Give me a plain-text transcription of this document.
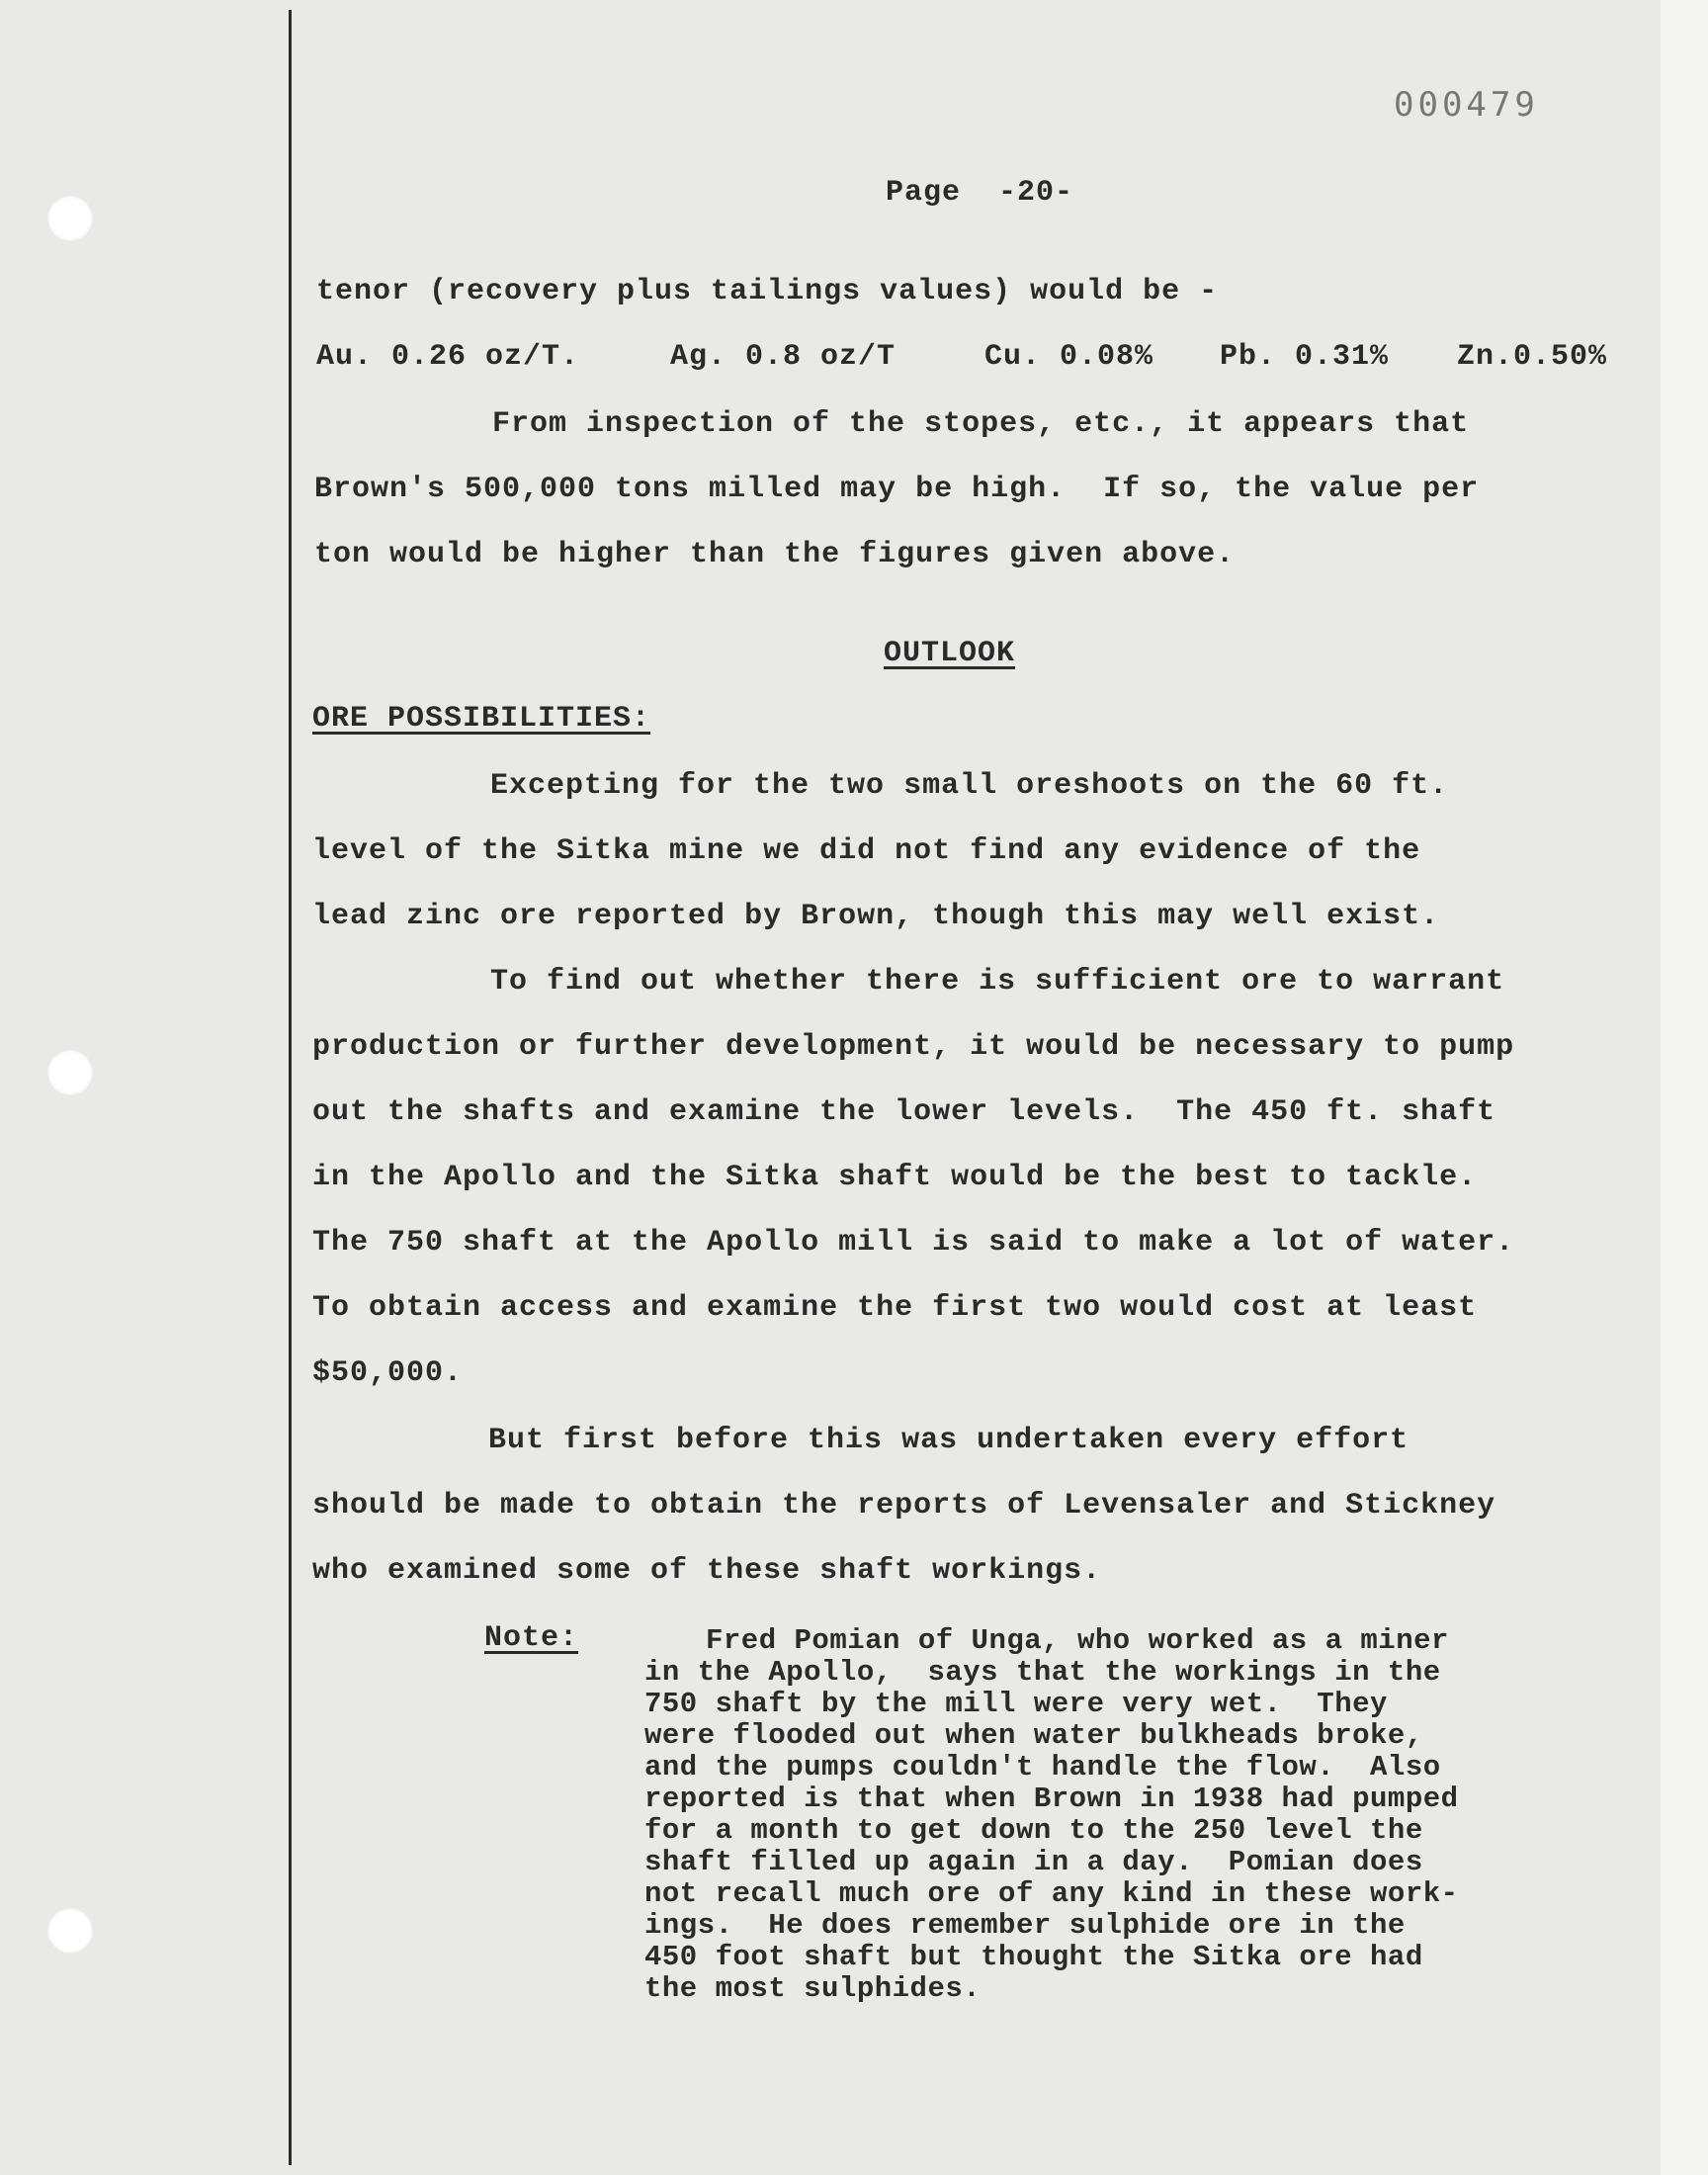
000479
Page  -20-
tenor (recovery plus tailings values) would be -
Au. 0.26 oz/T.	Ag. 0.8 oz/T	Cu. 0.08% Pb. 0.31% Zn.0.50%
From inspection of the stopes, etc., it appears that
Brown's 500,000 tons milled may be high.  If so, the value per
ton would be higher than the figures given above.
OUTLOOK
ORE POSSIBILITIES:
Excepting for the two small oreshoots on the 60 ft.
level of the Sitka mine we did not find any evidence of the
lead zinc ore reported by Brown, though this may well exist.
To find out whether there is sufficient ore to warrant
production or further development, it would be necessary to pump
out the shafts and examine the lower levels.  The 450 ft. shaft
in the Apollo and the Sitka shaft would be the best to tackle.
The 750 shaft at the Apollo mill is said to make a lot of water.
To obtain access and examine the first two would cost at least
$50,000.
But first before this was undertaken every effort
should be made to obtain the reports of Levensaler and Stickney
who examined some of these shaft workings.
Note:	Fred Pomian of Unga, who worked as a miner
in the Apollo,  says that the workings in the
750 shaft by the mill were very wet.  They
were flooded out when water bulkheads broke,
and the pumps couldn't handle the flow.  Also
reported is that when Brown in 1938 had pumped
for a month to get down to the 250 level the
shaft filled up again in a day.  Pomian does
not recall much ore of any kind in these work-
ings.  He does remember sulphide ore in the
450 foot shaft but thought the Sitka ore had
the most sulphides.
